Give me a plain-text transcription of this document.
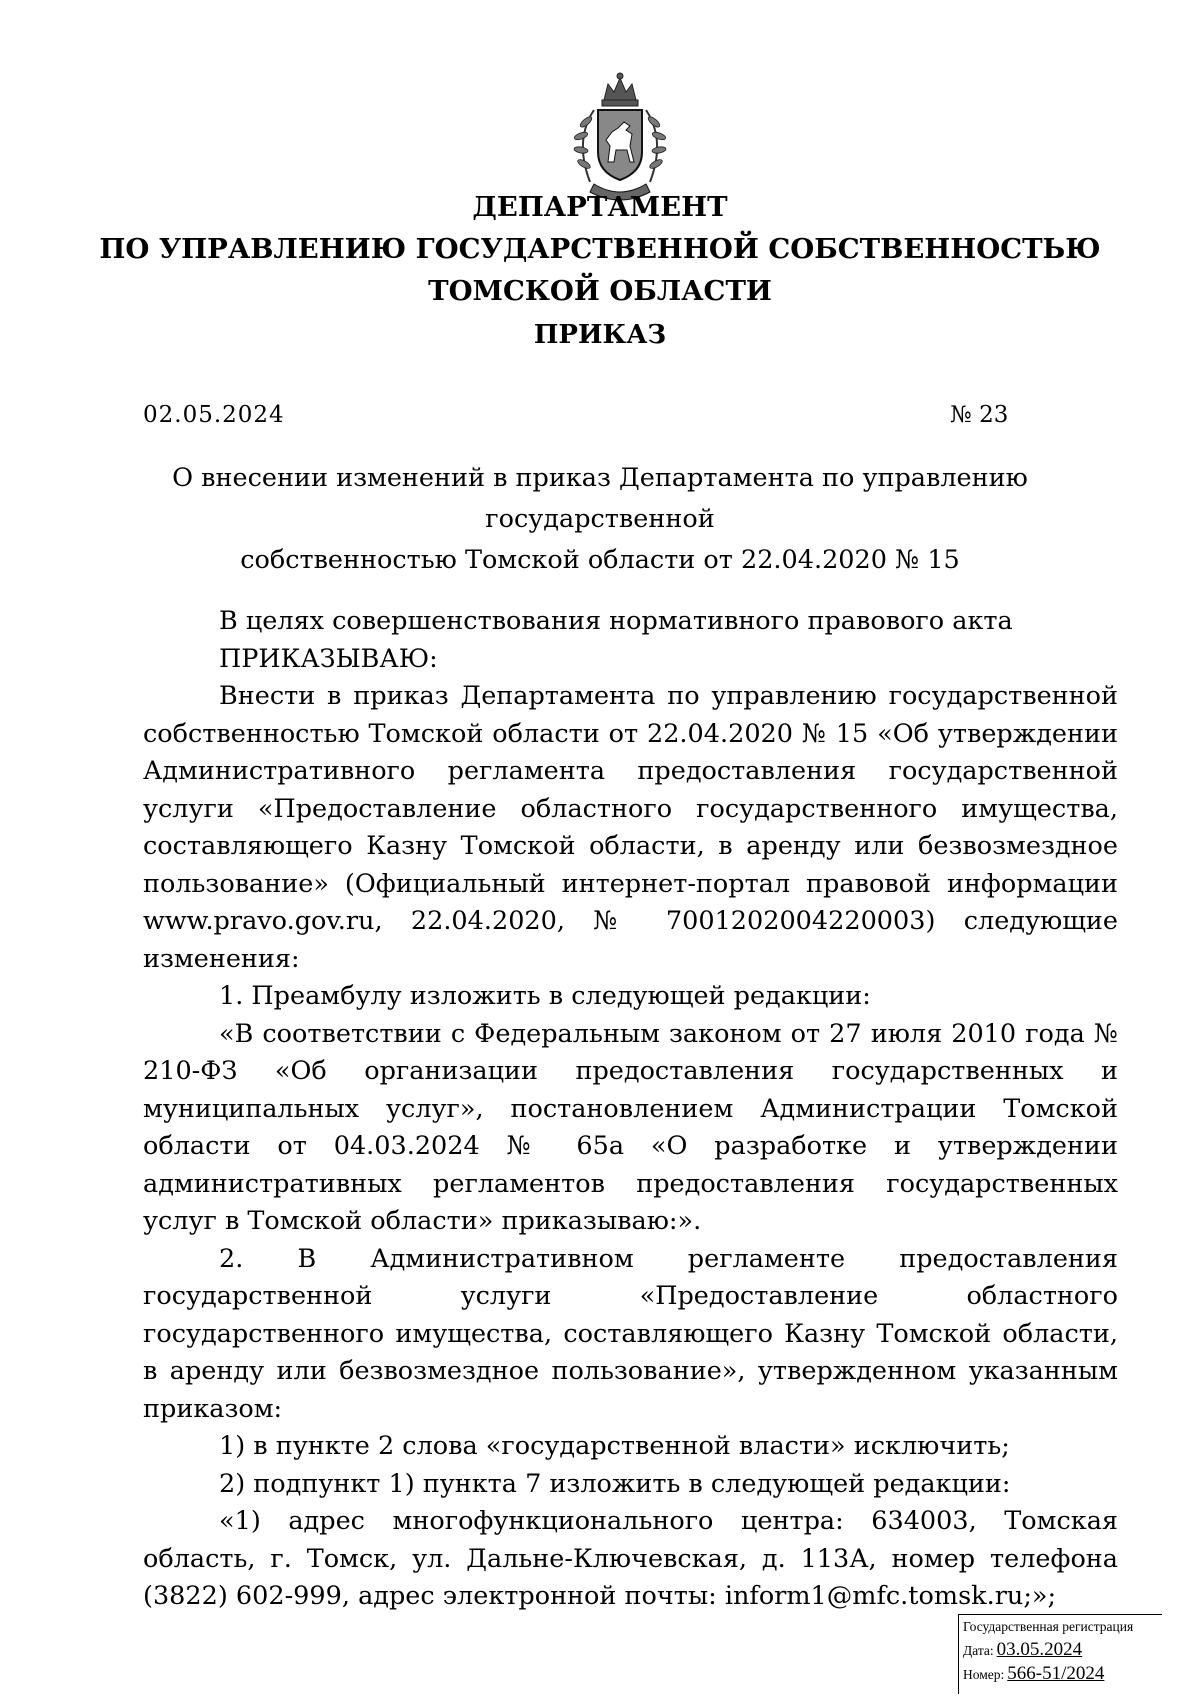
ДЕПАРТАМЕНТ
ПО УПРАВЛЕНИЮ ГОСУДАРСТВЕННОЙ СОБСТВЕННОСТЬЮ
ТОМСКОЙ ОБЛАСТИ
ПРИКАЗ
02.05.2024	№ 23
О внесении изменений в приказ Департамента по управлению государственной
собственностью Томской области от 22.04.2020 № 15

В целях совершенствования нормативного правового акта

ПРИКАЗЫВАЮ:

Внести в приказ Департамента по управлению государственной собственностью Томской области от 22.04.2020 № 15 «Об утверждении Административного регламента предоставления государственной услуги «Предоставление областного государственного имущества, составляющего Казну Томской области, в аренду или безвозмездное пользование» (Официальный интернет-портал правовой информации www.pravo.gov.ru, 22.04.2020, № 7001202004220003) следующие изменения:

1. Преамбулу изложить в следующей редакции:

«В соответствии с Федеральным законом от 27 июля 2010 года № 210-ФЗ «Об организации предоставления государственных и муниципальных услуг», постановлением Администрации Томской области от 04.03.2024 № 65а «О разработке и утверждении административных регламентов предоставления государственных услуг в Томской области» приказываю:».

2. В Административном регламенте предоставления государственной услуги «Предоставление областного государственного имущества, составляющего Казну Томской области, в аренду или безвозмездное пользование», утвержденном указанным приказом:

1) в пункте 2 слова «государственной власти» исключить;

2) подпункт 1) пункта 7 изложить в следующей редакции:

«1) адрес многофункционального центра: 634003, Томская область, г. Томск, ул. Дальне-Ключевская, д. 113А, номер телефона (3822) 602-999, адрес электронной почты: inform1@mfc.tomsk.ru;»;

Государственная регистрация
Дата: 03.05.2024
Номер: 566-51/2024
